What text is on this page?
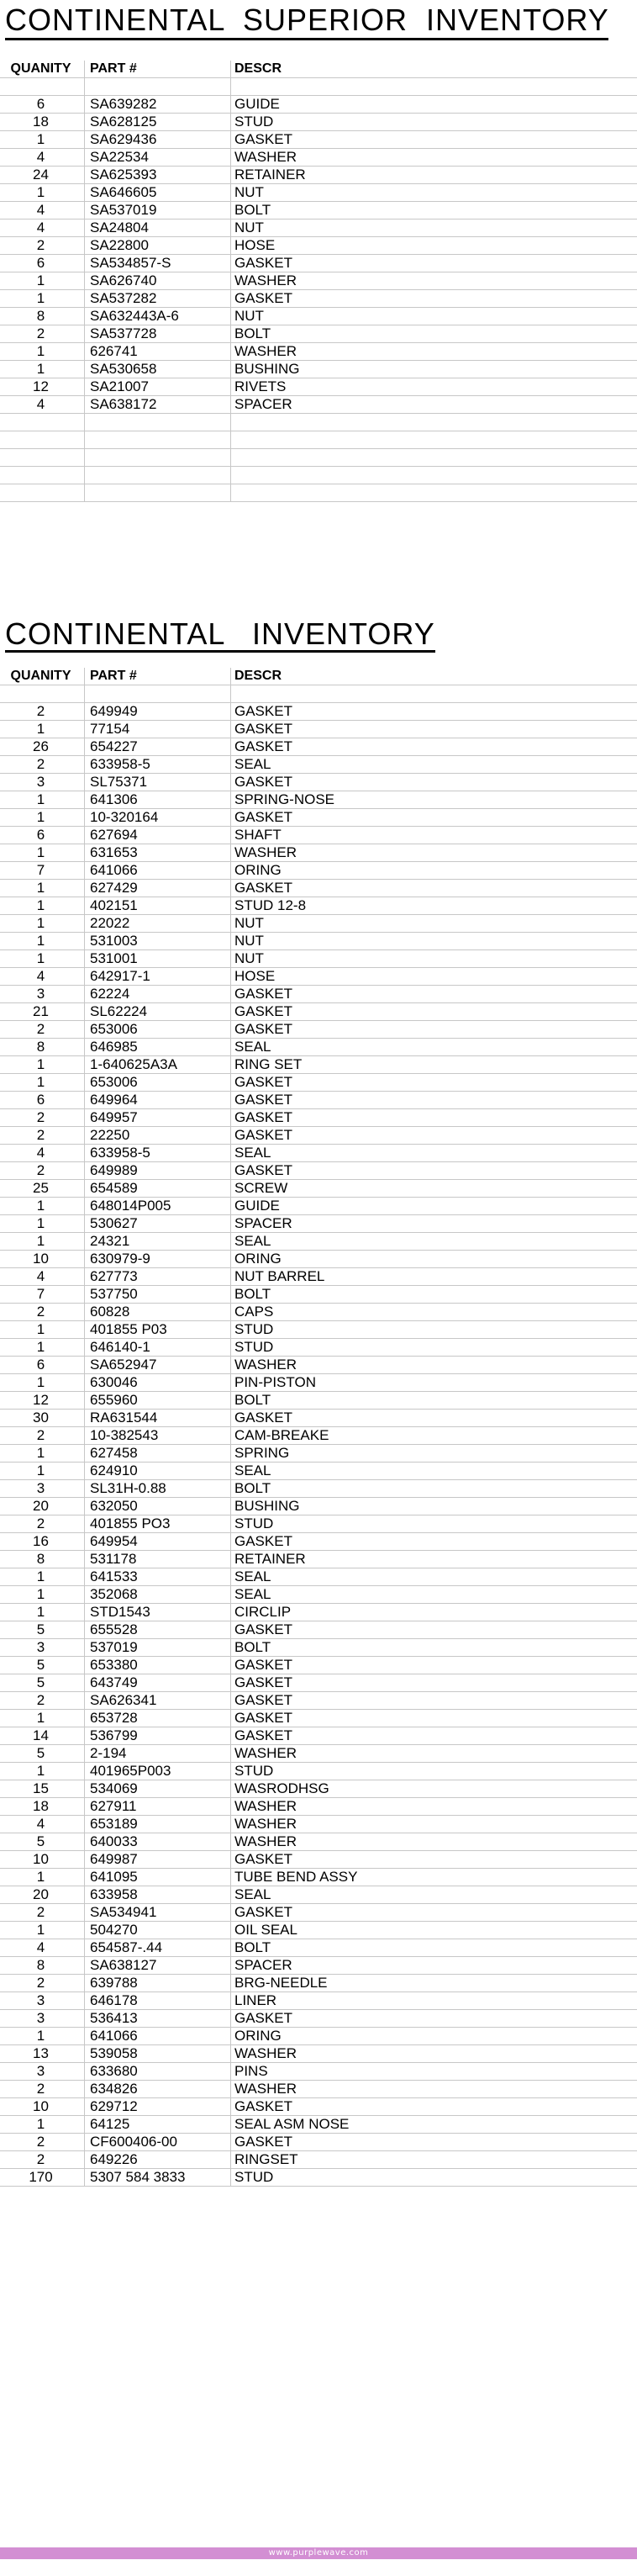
CONTINENTAL  SUPERIOR  INVENTORY
QUANITY	PART #	DESCR
6	SA639282	GUIDE
18	SA628125	STUD
1	SA629436	GASKET
4	SA22534	WASHER
24	SA625393	RETAINER
1	SA646605	NUT
4	SA537019	BOLT
4	SA24804	NUT
2	SA22800	HOSE
6	SA534857-S	GASKET
1	SA626740	WASHER
1	SA537282	GASKET
8	SA632443A-6	NUT
2	SA537728	BOLT
1	626741	WASHER
1	SA530658	BUSHING
12	SA21007	RIVETS
4	SA638172	SPACER
CONTINENTAL   INVENTORY
QUANITY	PART #	DESCR
2	649949	GASKET
1	77154	GASKET
26	654227	GASKET
2	633958-5	SEAL
3	SL75371	GASKET
1	641306	SPRING-NOSE
1	10-320164	GASKET
6	627694	SHAFT
1	631653	WASHER
7	641066	ORING
1	627429	GASKET
1	402151	STUD 12-8
1	22022	NUT
1	531003	NUT
1	531001	NUT
4	642917-1	HOSE
3	62224	GASKET
21	SL62224	GASKET
2	653006	GASKET
8	646985	SEAL
1	1-640625A3A	RING SET
1	653006	GASKET
6	649964	GASKET
2	649957	GASKET
2	22250	GASKET
4	633958-5	SEAL
2	649989	GASKET
25	654589	SCREW
1	648014P005	GUIDE
1	530627	SPACER
1	24321	SEAL
10	630979-9	ORING
4	627773	NUT BARREL
7	537750	BOLT
2	60828	CAPS
1	401855 P03	STUD
1	646140-1	STUD
6	SA652947	WASHER
1	630046	PIN-PISTON
12	655960	BOLT
30	RA631544	GASKET
2	10-382543	CAM-BREAKE
1	627458	SPRING
1	624910	SEAL
3	SL31H-0.88	BOLT
20	632050	BUSHING
2	401855 PO3	STUD
16	649954	GASKET
8	531178	RETAINER
1	641533	SEAL
1	352068	SEAL
1	STD1543	CIRCLIP
5	655528	GASKET
3	537019	BOLT
5	653380	GASKET
5	643749	GASKET
2	SA626341	GASKET
1	653728	GASKET
14	536799	GASKET
5	2-194	WASHER
1	401965P003	STUD
15	534069	WASRODHSG
18	627911	WASHER
4	653189	WASHER
5	640033	WASHER
10	649987	GASKET
1	641095	TUBE BEND ASSY
20	633958	SEAL
2	SA534941	GASKET
1	504270	OIL SEAL
4	654587-.44	BOLT
8	SA638127	SPACER
2	639788	BRG-NEEDLE
3	646178	LINER
3	536413	GASKET
1	641066	ORING
13	539058	WASHER
3	633680	PINS
2	634826	WASHER
10	629712	GASKET
1	64125	SEAL ASM NOSE
2	CF600406-00	GASKET
2	649226	RINGSET
170	5307 584 3833	STUD
www.purplewave.com
